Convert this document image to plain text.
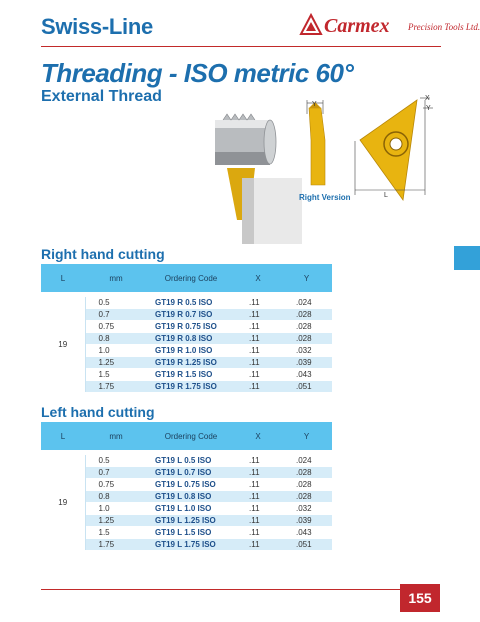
Swiss-Line	Carmex Precision Tools Ltd.
Threading - ISO metric 60°
External Thread	Y
X
Y
L
Right Version
Right hand cutting
L	mm	Ordering Code	X	Y

19	0.5	GT19 R 0.5 ISO	.11	.024
	0.7	GT19 R 0.7 ISO	.11	.028
	0.75	GT19 R 0.75 ISO	.11	.028
	0.8	GT19 R 0.8 ISO	.11	.028
	1.0	GT19 R 1.0 ISO	.11	.032
	1.25	GT19 R 1.25 ISO	.11	.039
	1.5	GT19 R 1.5 ISO	.11	.043
	1.75	GT19 R 1.75 ISO	.11	.051
Left hand cutting
L	mm	Ordering Code	X	Y

19	0.5	GT19 L 0.5 ISO	.11	.024
	0.7	GT19 L 0.7 ISO	.11	.028
	0.75	GT19 L 0.75 ISO	.11	.028
	0.8	GT19 L 0.8 ISO	.11	.028
	1.0	GT19 L 1.0 ISO	.11	.032
	1.25	GT19 L 1.25 ISO	.11	.039
	1.5	GT19 L 1.5 ISO	.11	.043
	1.75	GT19 L 1.75 ISO	.11	.051
155
